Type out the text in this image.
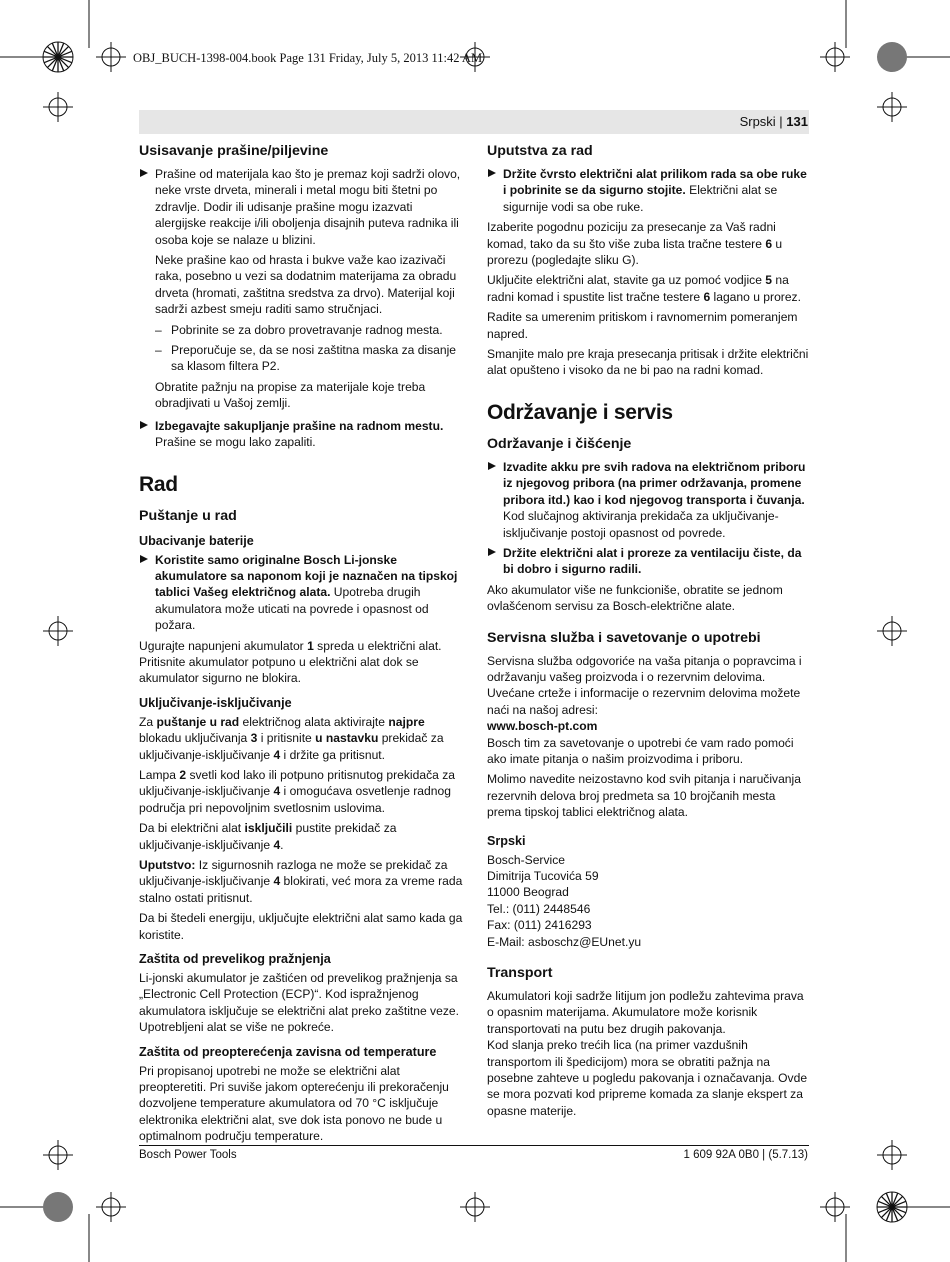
OBJ_BUCH-1398-004.book Page 131 Friday, July 5, 2013 11:42 AM
Srpski | 131
Usisavanje prašine/piljevine
Prašine od materijala kao što je premaz koji sadrži olovo, neke vrste drveta, minerali i metal mogu biti štetni po zdravlje. Dodir ili udisanje prašine mogu izazvati alergijske reakcije i/ili oboljenja disajnih puteva radnika ili osoba koje se nalaze u blizini.

Neke prašine kao od hrasta i bukve važe kao izazivači raka, posebno u vezi sa dodatnim materijama za obradu drveta (hromati, zaštitna sredstva za drvo). Materijal koji sadrži azbest smeju raditi samo stručnjaci.

– Pobrinite se za dobro provetravanje radnog mesta.

– Preporučuje se, da se nosi zaštitna maska za disanje sa klasom filtera P2.

Obratite pažnju na propise za materijale koje treba obradjivati u Vašoj zemlji.

Izbegavajte sakupljanje prašine na radnom mestu.
Prašine se mogu lako zapaliti.
Rad
Puštanje u rad
Ubacivanje baterije
Koristite samo originalne Bosch Li-jonske akumulatore sa naponom koji je naznačen na tipskoj tablici Vašeg električnog alata. Upotreba drugih akumulatora može uticati na povrede i opasnost od požara.

Ugurajte napunjeni akumulator 1 spreda u električni alat. Pritisnite akumulator potpuno u električni alat dok se akumulator sigurno ne blokira.

Uključivanje-isključivanje

Za puštanje u rad električnog alata aktivirajte najpre blokadu uključivanja 3 i pritisnite u nastavku prekidač za uključivanje-isključivanje 4 i držite ga pritisnut.

Lampa 2 svetli kod lako ili potpuno pritisnutog prekidača za uključivanje-isključivanje 4 i omogućava osvetlenje radnog područja pri nepovoljnim svetlosnim uslovima.

Da bi električni alat isključili pustite prekidač za uključivanje-isključivanje 4.

Uputstvo: Iz sigurnosnih razloga ne može se prekidač za uključivanje-isključivanje 4 blokirati, već mora za vreme rada stalno ostati pritisnut.

Da bi štedeli energiju, uključujte električni alat samo kada ga koristite.

Zaštita od prevelikog pražnjenja

Li-jonski akumulator je zaštićen od prevelikog pražnjenja sa „Electronic Cell Protection (ECP)“. Kod ispražnjenog akumulatora isključuje se električni alat preko zaštitne veze. Upotrebljeni alat se više ne pokreće.

Zaštita od preopterećenja zavisna od temperature

Pri propisanoj upotrebi ne može se električni alat preopteretiti. Pri suviše jakom opterećenju ili prekoračenju dozvoljene temperature akumulatora od 70 °C isključuje elektronika električni alat, sve dok ista ponovo ne bude u optimalnom području temperature.

Uputstva za rad
Držite čvrsto električni alat prilikom rada sa obe ruke i pobrinite se da sigurno stojite. Električni alat se sigurnije vodi sa obe ruke.

Izaberite pogodnu poziciju za presecanje za Vaš radni komad, tako da su što više zuba lista tračne testere 6 u prorezu (pogledajte sliku G).

Uključite električni alat, stavite ga uz pomoć vodjice 5 na radni komad i spustite list tračne testere 6 lagano u prorez.

Radite sa umerenim pritiskom i ravnomernim pomeranjem napred.

Smanjite malo pre kraja presecanja pritisak i držite električni alat opušteno i visoko da ne bi pao na radni komad.

Održavanje i servis
Održavanje i čišćenje
Izvadite akku pre svih radova na električnom priboru iz njegovog pribora (na primer održavanja, promene pribora itd.) kao i kod njegovog transporta i čuvanja.
Kod slučajnog aktiviranja prekidača za uključivanje-isključivanje postoji opasnost od povrede.
Držite električni alat i proreze za ventilaciju čiste, da bi dobro i sigurno radili.

Ako akumulator više ne funkcioniše, obratite se jednom ovlašćenom servisu za Bosch-električne alate.

Servisna služba i savetovanje o upotrebi

Servisna služba odgovoriće na vaša pitanja o popravcima i održavanju vašeg proizvoda i o rezervnim delovima. Uvećane crteže i informacije o rezervnim delovima možete naći na našoj adresi:

www.bosch-pt.com

Bosch tim za savetovanje o upotrebi će vam rado pomoći ako imate pitanja o našim proizvodima i priboru.

Molimo navedite neizostavno kod svih pitanja i naručivanja rezervnih delova broj predmeta sa 10 brojčanih mesta prema tipskoj tablici električnog alata.

Srpski

Bosch-Service

Dimitrija Tucovića 59

11000 Beograd

Tel.: (011) 2448546

Fax: (011) 2416293

E-Mail: asboschz@EUnet.yu

Transport

Akumulatori koji sadrže litijum jon podležu zahtevima prava o opasnim materijama. Akumulatore može korisnik transportovati na putu bez drugih pakovanja.

Kod slanja preko trećih lica (na primer vazdušnih transportom ili špedicijom) mora se obratiti pažnja na posebne zahteve u pogledu pakovanja i označavanja. Ovde se mora pozvati kod pripreme komada za slanje ekspert za opasne materije.

Bosch Power Tools	1 609 92A 0B0 | (5.7.13)
